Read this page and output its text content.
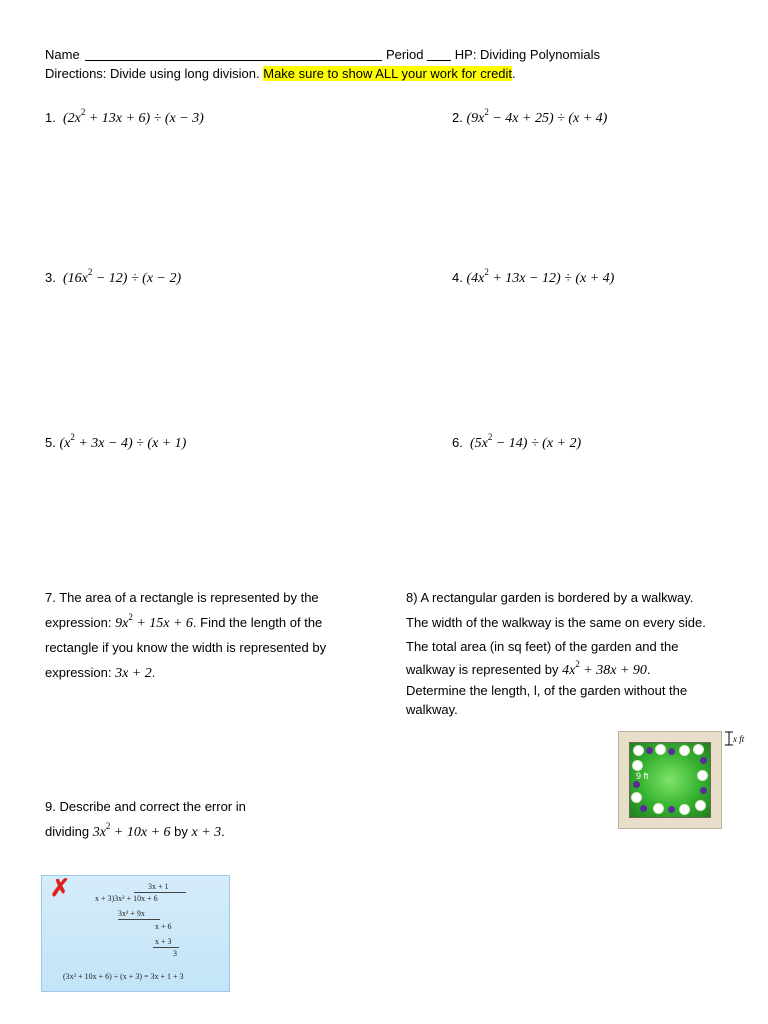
Name	Period HP: Dividing Polynomials
Directions: Divide using long division. Make sure to show ALL your work for credit.
1. $(2x^2 + 13x + 6) \div (x - 3)$	2. $(9x^2 - 4x + 25) \div (x + 4)$
3. $(16x^2 - 12) \div (x - 2)$	4. $(4x^2 + 13x - 12) \div (x + 4)$
5. $(x^2 + 3x - 4) \div (x + 1)$	6. $(5x^2 - 14) \div (x + 2)$
7. The area of a rectangle is represented by the
expression: $9x^2 + 15x + 6$. Find the length of the
rectangle if you know the width is represented by
expression: 3x + 2.

8) A rectangular garden is bordered by a walkway.

The width of the walkway is the same on every side.

The total area (in sq feet) of the garden and the

walkway is represented by $4x^2 + 38x + 90$.

Determine the length, l, of the garden without the

walkway.

9 ft
x ft
9. Describe and correct the error in
dividing $3x^2 + 10x + 6$ by x + 3.
✗	3x + 1
x + 3)3x² + 10x + 6
3x² + 9x
x + 6
x + 3
3
(3x² + 10x + 6) ÷ (x + 3) = 3x + 1 + 3
